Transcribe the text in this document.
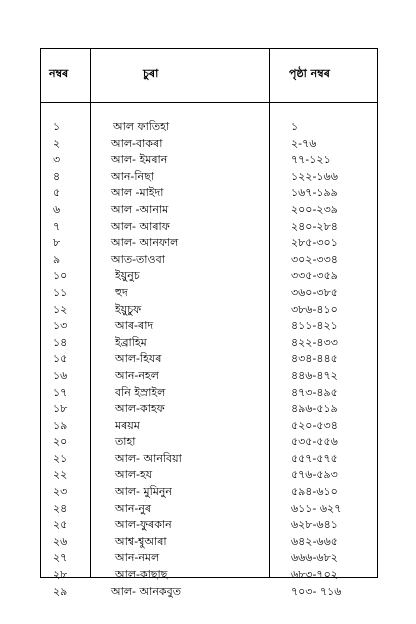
নম্বৰ	চুৰা	পৃষ্ঠা নম্বৰ
১	আল ফাতিহা	১
২	আল-বাকৰা	২-৭৬
৩	আল- ইমৰান	৭৭-১২১
৪	আন-নিছা	১২২-১৬৬
৫	আল -মাইদা	১৬৭-১৯৯
৬	আল -আনাম	২০০-২৩৯
৭	আল- আৰাফ	২৪০-২৮৪
৮	আল- আনফাল	২৮৫-৩০১
৯	আত-তাওবা	৩০২-৩৩৪
১০	ইয়ুনুচ	৩৩৫-৩৫৯
১১	হুদ	৩৬০-৩৮৫
১২	ইয়ুচুফ	৩৮৬-৪১০
১৩	আৰ-ৰাদ	৪১১-৪২১
১৪	ইব্ৰাহিম	৪২২-৪৩৩
১৫	আল-হিযৰ	৪৩৪-৪৪৫
১৬	আন-নহল	৪৪৬-৪৭২
১৭	বনি ইস্ৰাইল	৪৭৩-৪৯৫
১৮	আল-কাহফ	৪৯৬-৫১৯
১৯	মৰয়ম	৫২০-৫৩৪
২০	তাহা	৫৩৫-৫৫৬
২১	আল- আনবিয়া	৫৫৭-৫৭৫
২২	আল-হয	৫৭৬-৫৯৩
২৩	আল- মুমিনুন	৫৯৪-৬১০
২৪	আন-নুৰ	৬১১- ৬২৭
২৫	আল-ফুৰকান	৬২৮-৬৪১
২৬	আশ্ব-শ্বুআৰা	৬৪২-৬৬৫
২৭	আন-নমল	৬৬৬-৬৮২
২৮	আল-কাছাছ	৬৮৩-৭০২
২৯	আল- আনকবুত	৭০৩- ৭১৬
